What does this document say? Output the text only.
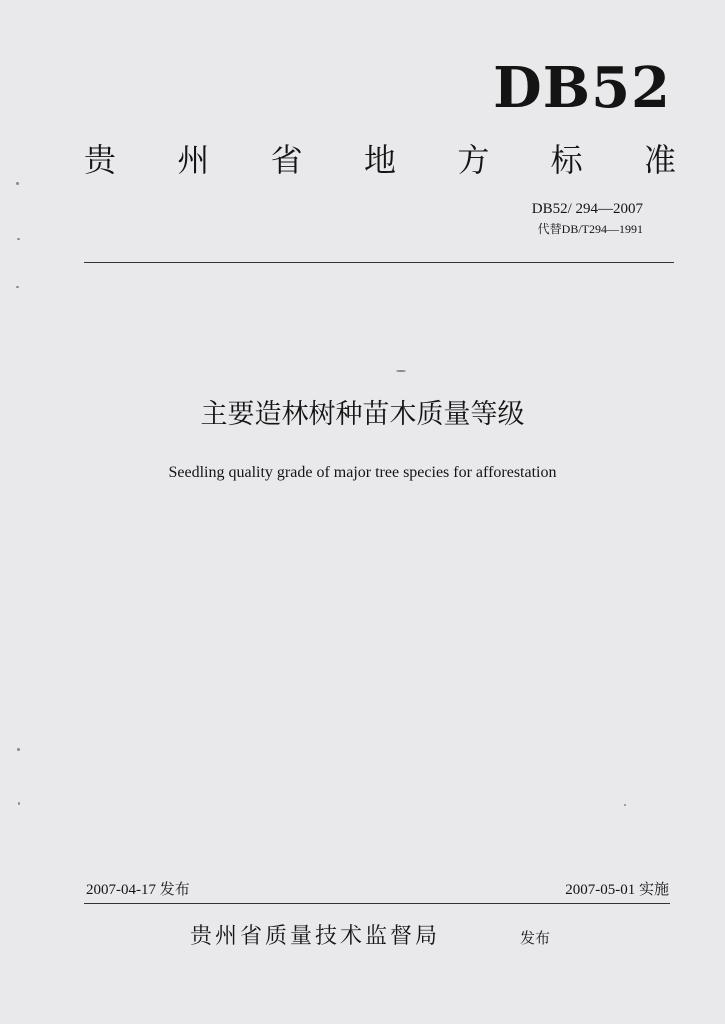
DB52
贵 州 省 地 方 标 准
DB52/ 294—2007
代替DB/T294—1991
主要造林树种苗木质量等级
Seedling quality grade of major tree species for afforestation
2007-04-17 发布	2007-05-01 实施
贵州省质量技术监督局	发布
